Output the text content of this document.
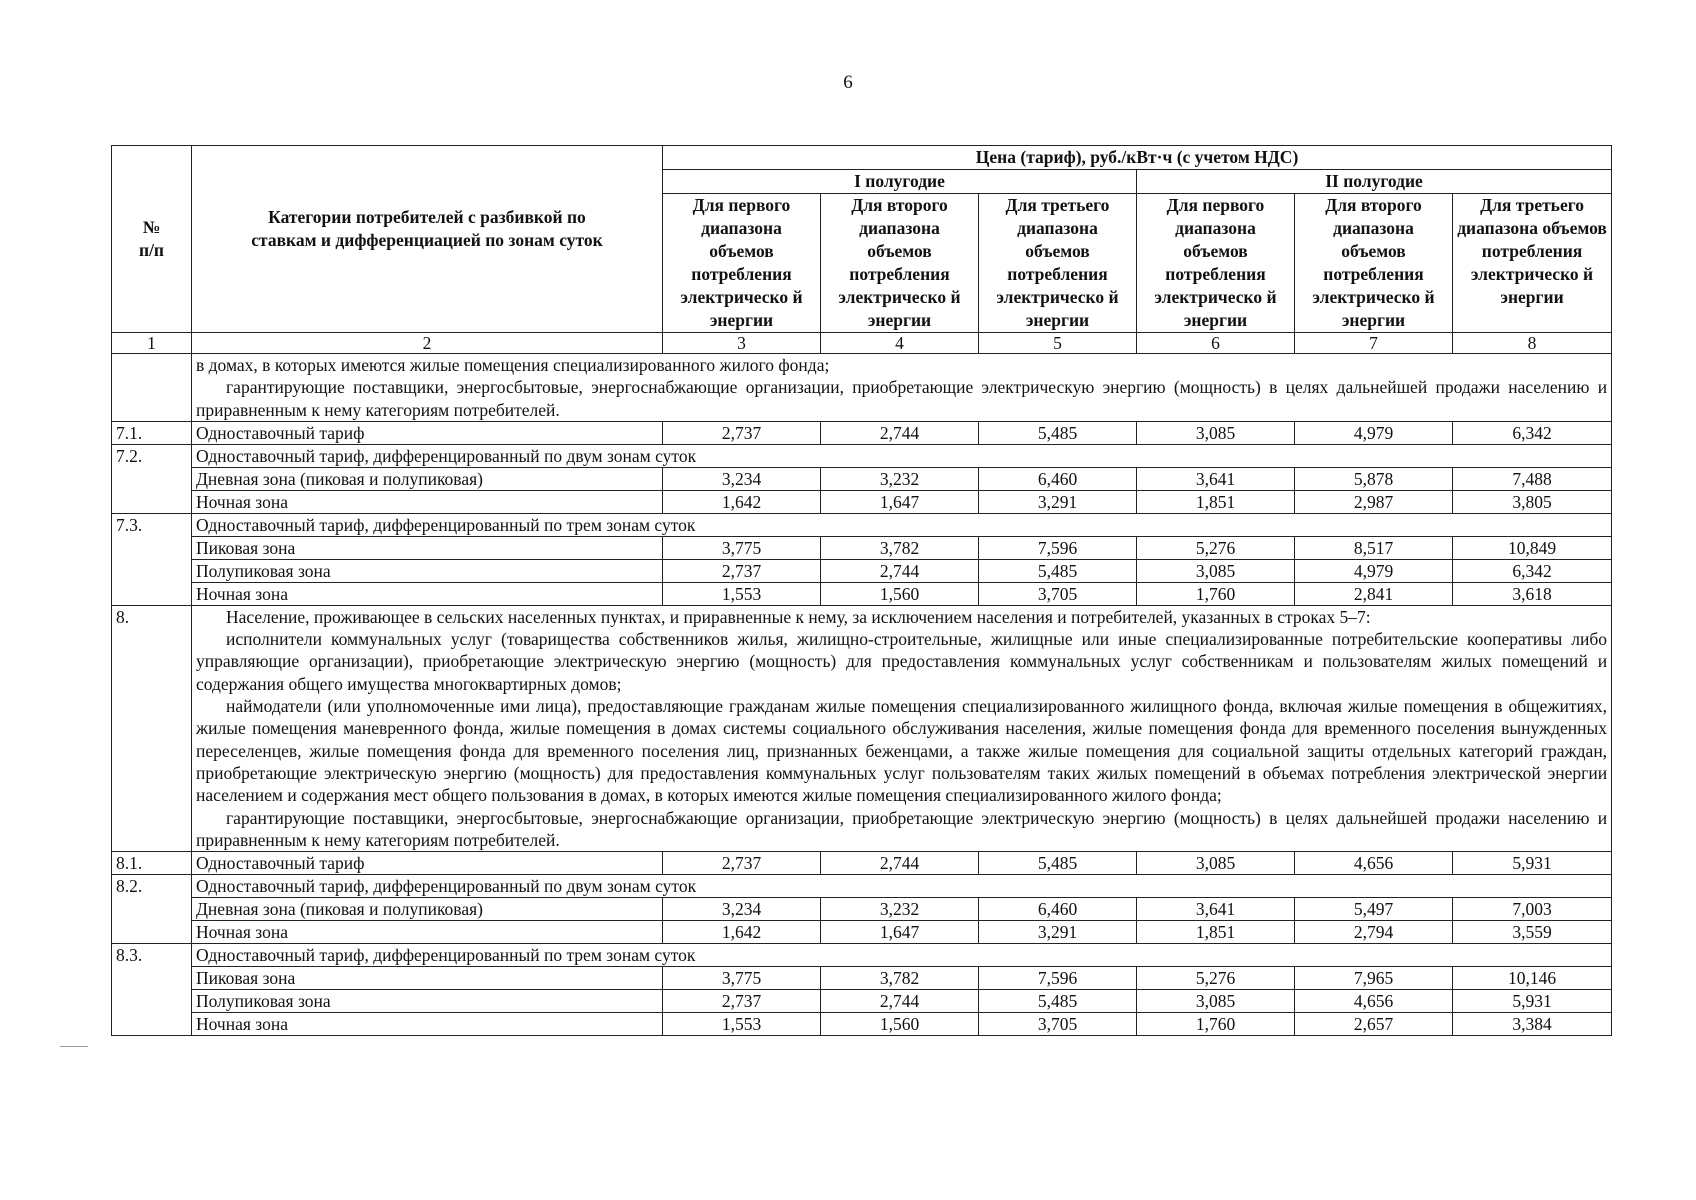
6
№
п/п	Категории потребителей с разбивкой по ставкам и дифференциацией по зонам суток	Цена (тариф), руб./кВт·ч (с учетом НДС)					
		I полугодие			II полугодие		
		Для первого диапазона объемов потребления электрическо й энергии	Для второго диапазона объемов потребления электрическо й энергии	Для третьего диапазона объемов потребления электрическо й энергии	Для первого диапазона объемов потребления электрическо й энергии	Для второго диапазона объемов потребления электрическо й энергии	Для третьего диапазона объемов потребления электрическо й энергии
1	2	3	4	5	6	7	8

	в домах, в которых имеются жилые помещения специализированного жилого фонда;

гарантирующие поставщики, энергосбытовые, энергоснабжающие организации, приобретающие электрическую энергию (мощность) в целях дальнейшей продажи населению и приравненным к нему категориям потребителей.						

7.1.	Одноставочный тариф	2,737	2,744	5,485	3,085	4,979	6,342
7.2.	Одноставочный тариф, дифференцированный по двум зонам суток						
	Дневная зона (пиковая и полупиковая)	3,234	3,232	6,460	3,641	5,878	7,488
	Ночная зона	1,642	1,647	3,291	1,851	2,987	3,805
7.3.	Одноставочный тариф, дифференцированный по трем зонам суток						
	Пиковая зона	3,775	3,782	7,596	5,276	8,517	10,849
	Полупиковая зона	2,737	2,744	5,485	3,085	4,979	6,342
	Ночная зона	1,553	1,560	3,705	1,760	2,841	3,618
8.	Население, проживающее в сельских населенных пунктах, и приравненные к нему, за исключением населения и потребителей, указанных в строках 5–7:

исполнители коммунальных услуг (товарищества собственников жилья, жилищно-строительные, жилищные или иные специализированные потребительские кооперативы либо управляющие организации), приобретающие электрическую энергию (мощность) для предоставления коммунальных услуг собственникам и пользователям жилых помещений и содержания общего имущества многоквартирных домов;

наймодатели (или уполномоченные ими лица), предоставляющие гражданам жилые помещения специализированного жилищного фонда, включая жилые помещения в общежитиях, жилые помещения маневренного фонда, жилые помещения в домах системы социального обслуживания населения, жилые помещения фонда для временного поселения вынужденных переселенцев, жилые помещения фонда для временного поселения лиц, признанных беженцами, а также жилые помещения для социальной защиты отдельных категорий граждан, приобретающие электрическую энергию (мощность) для предоставления коммунальных услуг пользователям таких жилых помещений в объемах потребления электрической энергии населением и содержания мест общего пользования в домах, в которых имеются жилые помещения специализированного жилого фонда;

гарантирующие поставщики, энергосбытовые, энергоснабжающие организации, приобретающие электрическую энергию (мощность) в целях дальнейшей продажи населению и приравненным к нему категориям потребителей.						

8.1.	Одноставочный тариф	2,737	2,744	5,485	3,085	4,656	5,931
8.2.	Одноставочный тариф, дифференцированный по двум зонам суток						
	Дневная зона (пиковая и полупиковая)	3,234	3,232	6,460	3,641	5,497	7,003
	Ночная зона	1,642	1,647	3,291	1,851	2,794	3,559
8.3.	Одноставочный тариф, дифференцированный по трем зонам суток						
	Пиковая зона	3,775	3,782	7,596	5,276	7,965	10,146
	Полупиковая зона	2,737	2,744	5,485	3,085	4,656	5,931
	Ночная зона	1,553	1,560	3,705	1,760	2,657	3,384
